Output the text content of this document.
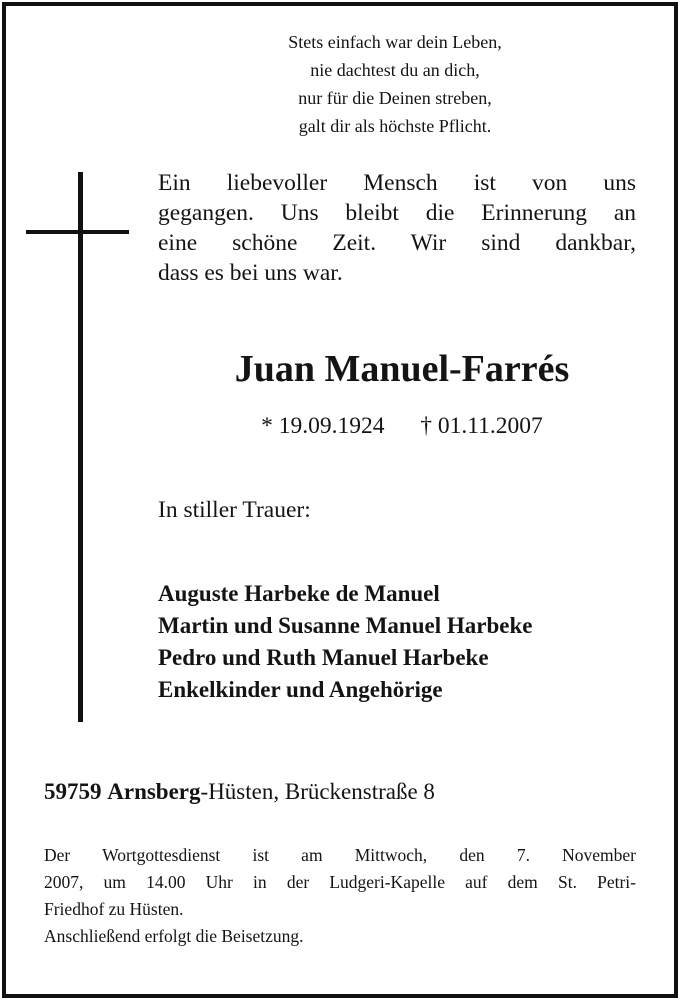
Stets einfach war dein Leben,
nie dachtest du an dich,
nur für die Deinen streben,
galt dir als höchste Pflicht.
Ein liebevoller Mensch ist von uns
gegangen. Uns bleibt die Erinnerung an
eine schöne Zeit. Wir sind dankbar,
dass es bei uns war.
Juan Manuel-Farrés
* 19.09.1924 † 01.11.2007
In stiller Trauer:
Auguste Harbeke de Manuel
Martin und Susanne Manuel Harbeke
Pedro und Ruth Manuel Harbeke
Enkelkinder und Angehörige
59759 Arnsberg-Hüsten, Brückenstraße 8
Der Wortgottesdienst ist am Mittwoch, den 7. November
2007, um 14.00 Uhr in der Ludgeri-Kapelle auf dem St. Petri-
Friedhof zu Hüsten.
Anschließend erfolgt die Beisetzung.
